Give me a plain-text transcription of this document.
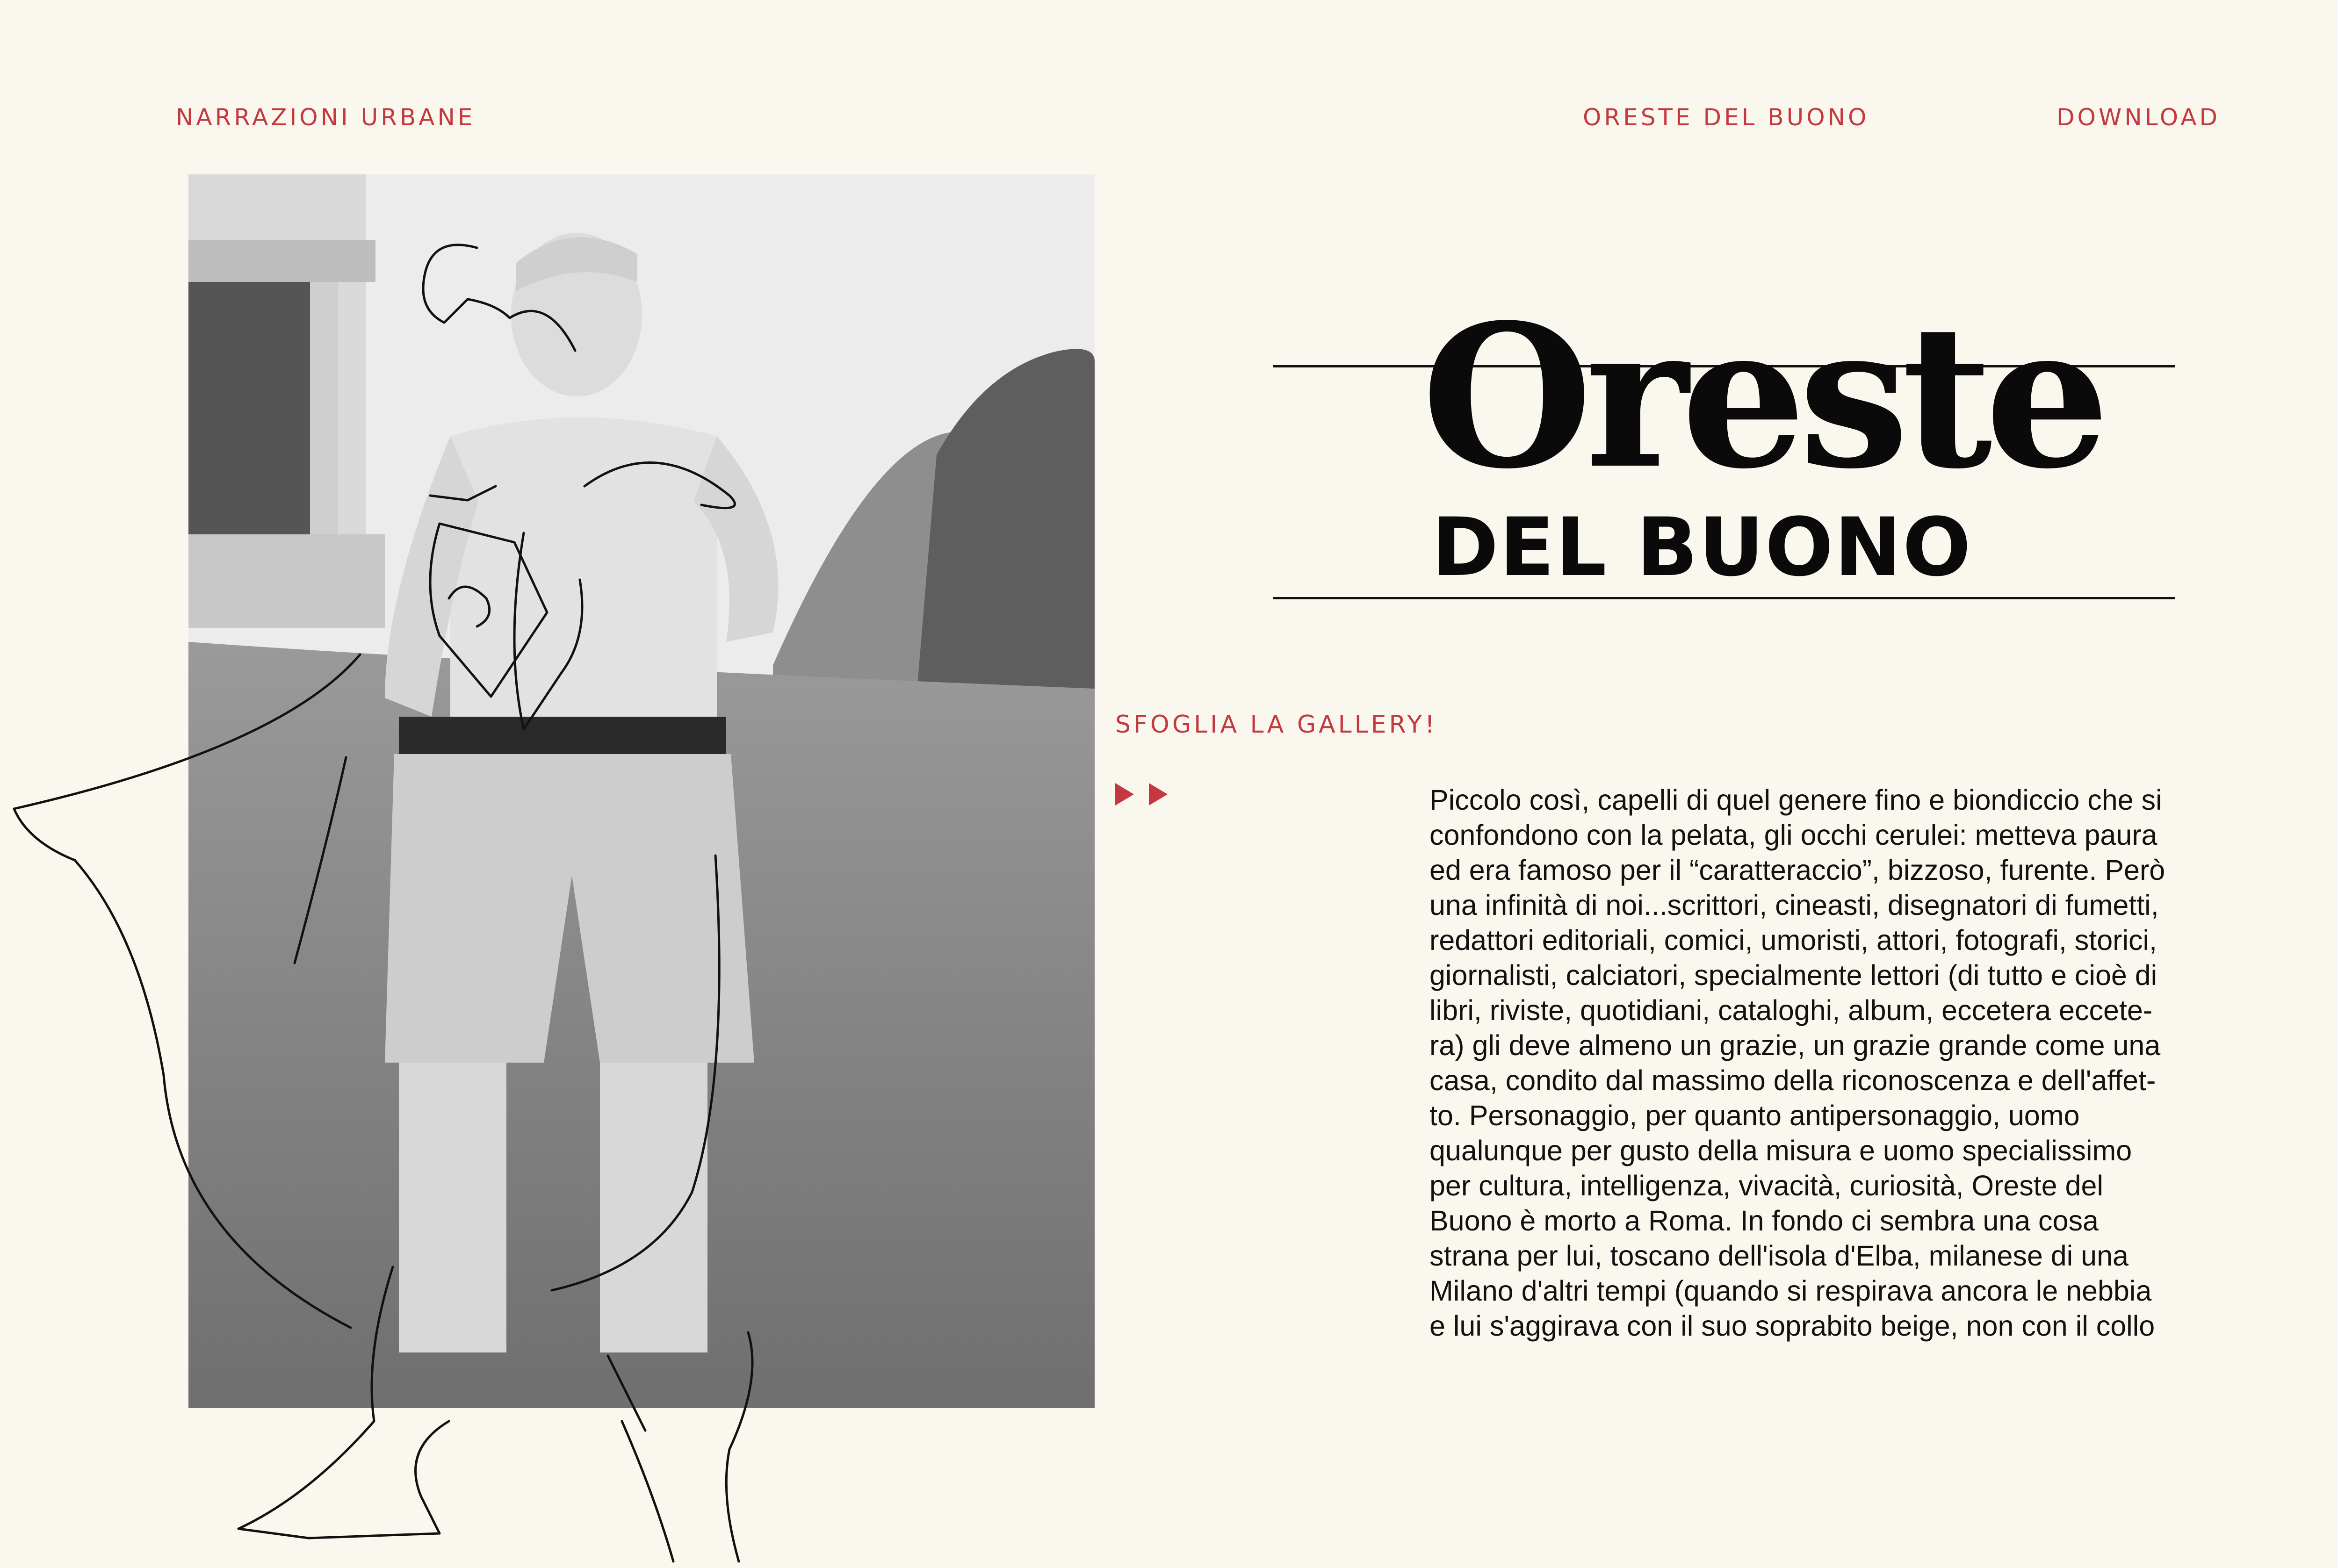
NARRAZIONI URBANE	ORESTE DEL BUONO	DOWNLOAD
Oreste
DEL BUONO
SFOGLIA LA GALLERY!
Piccolo così, capelli di quel genere fino e biondiccio che si
confondono con la pelata, gli occhi cerulei: metteva paura
ed era famoso per il “caratteraccio”, bizzoso, furente. Però
una infinità di noi...scrittori, cineasti, disegnatori di fumetti,
redattori editoriali, comici, umoristi, attori, fotografi, storici,
giornalisti, calciatori, specialmente lettori (di tutto e cioè di
libri, riviste, quotidiani, cataloghi, album, eccetera eccete-
ra) gli deve almeno un grazie, un grazie grande come una
casa, condito dal massimo della riconoscenza e dell'affet-
to. Personaggio, per quanto antipersonaggio, uomo
qualunque per gusto della misura e uomo specialissimo
per cultura, intelligenza, vivacità, curiosità, Oreste del
Buono è morto a Roma. In fondo ci sembra una cosa
strana per lui, toscano dell'isola d'Elba, milanese di una
Milano d'altri tempi (quando si respirava ancora le nebbia
e lui s'aggirava con il suo soprabito beige, non con il collo
